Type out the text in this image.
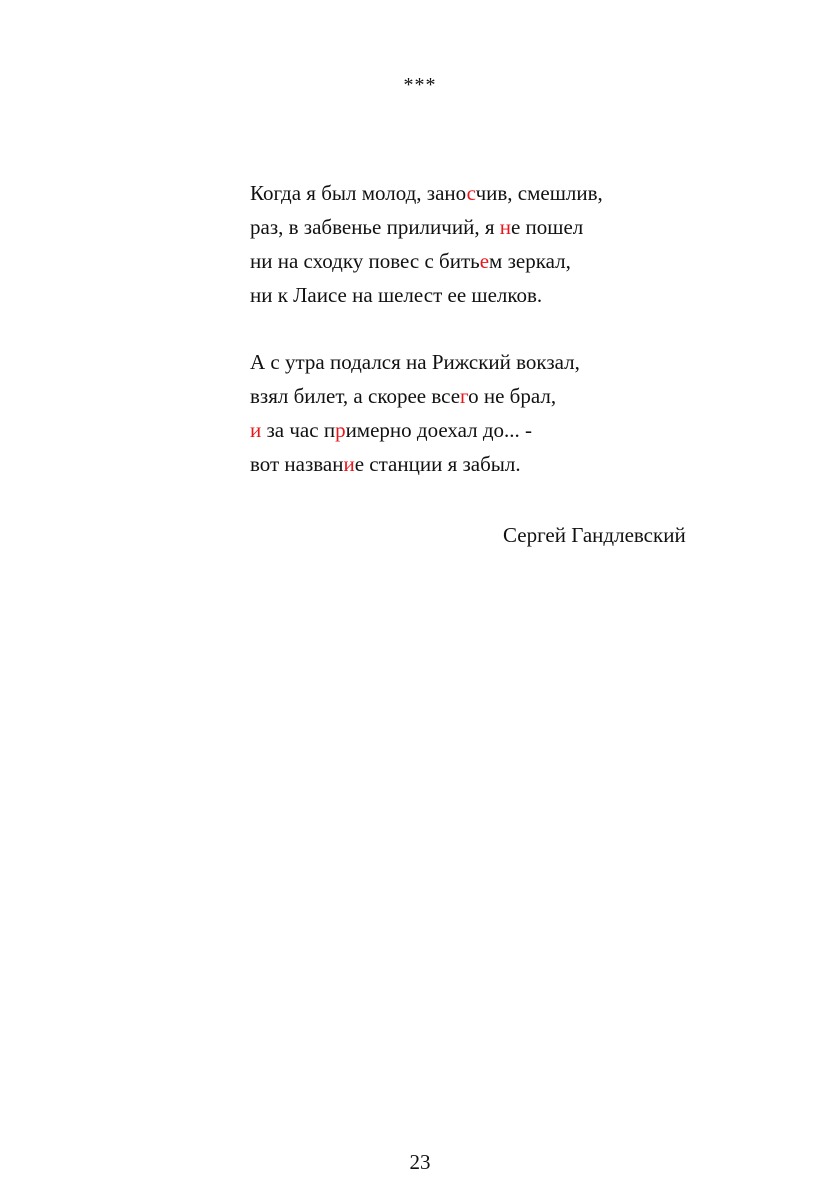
***
Когда я был молод, заносчив, смешлив,
раз, в забвенье приличий, я не пошел
ни на сходку повес с битьем зеркал,
ни к Лаисе на шелест ее шелков.
А с утра подался на Рижский вокзал,
взял билет, а скорее всего не брал,
и за час примерно доехал до... -
вот название станции я забыл.
Сергей Гандлевский
23
